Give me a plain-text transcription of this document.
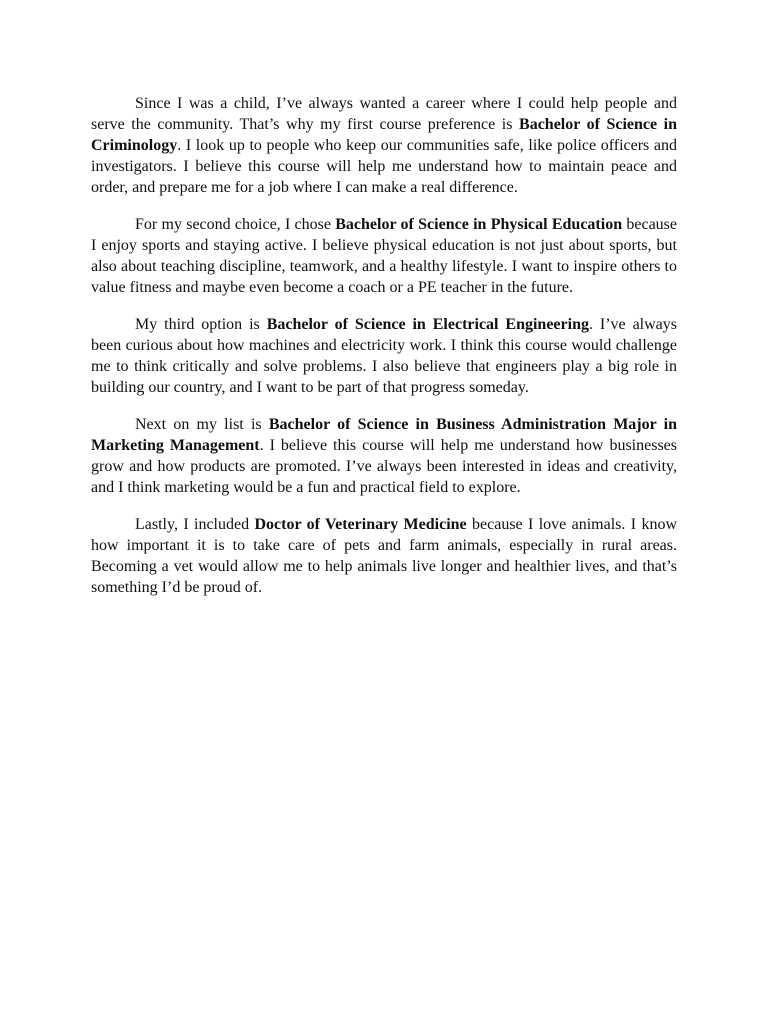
Since I was a child, I’ve always wanted a career where I could help people and serve the community. That’s why my first course preference is Bachelor of Science in Criminology. I look up to people who keep our communities safe, like police officers and investigators. I believe this course will help me understand how to maintain peace and order, and prepare me for a job where I can make a real difference.

For my second choice, I chose Bachelor of Science in Physical Education because I enjoy sports and staying active. I believe physical education is not just about sports, but also about teaching discipline, teamwork, and a healthy lifestyle. I want to inspire others to value fitness and maybe even become a coach or a PE teacher in the future.

My third option is Bachelor of Science in Electrical Engineering. I’ve always been curious about how machines and electricity work. I think this course would challenge me to think critically and solve problems. I also believe that engineers play a big role in building our country, and I want to be part of that progress someday.

Next on my list is Bachelor of Science in Business Administration Major in Marketing Management. I believe this course will help me understand how businesses grow and how products are promoted. I’ve always been interested in ideas and creativity, and I think marketing would be a fun and practical field to explore.

Lastly, I included Doctor of Veterinary Medicine because I love animals. I know how important it is to take care of pets and farm animals, especially in rural areas. Becoming a vet would allow me to help animals live longer and healthier lives, and that’s something I’d be proud of.
